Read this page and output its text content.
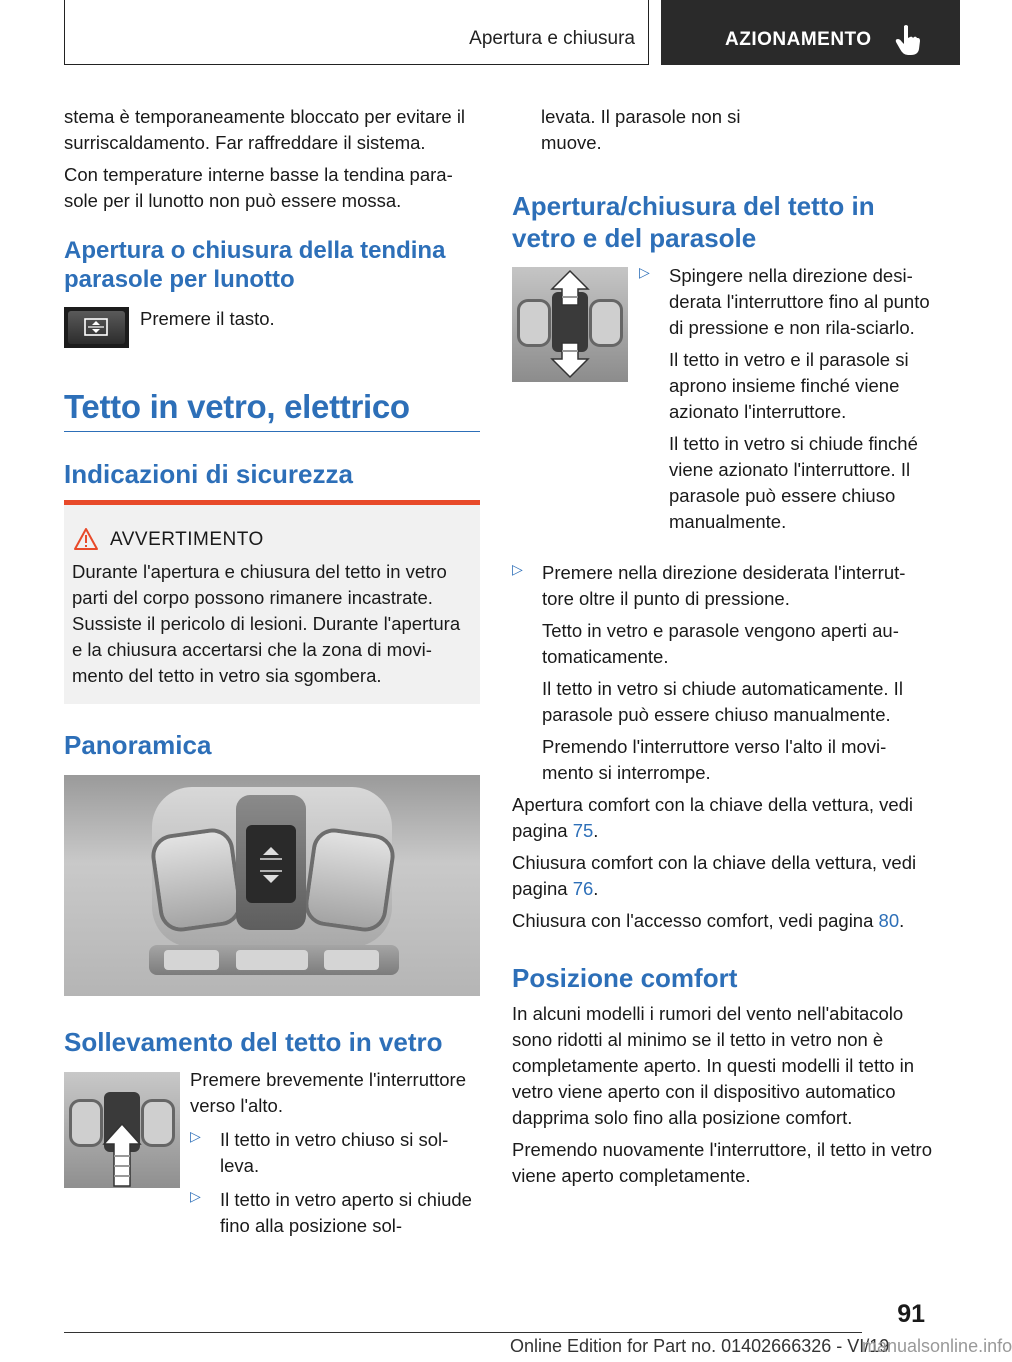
Apertura e chiusura	AZIONAMENTO

stema è temporaneamente bloccato per evitare il surriscaldamento. Far raffreddare il sistema.

Con temperature interne basse la tendina para-sole per il lunotto non può essere mossa.

Apertura o chiusura della tendina parasole per lunotto

Premere il tasto.

Tetto in vetro, elettrico
Indicazioni di sicurezza
AVVERTIMENTO

Durante l'apertura e chiusura del tetto in vetro parti del corpo possono rimanere incastrate. Sussiste il pericolo di lesioni. Durante l'apertura e la chiusura accertarsi che la zona di movi-mento del tetto in vetro sia sgombera.

Panoramica
Sollevamento del tetto in vetro

Premere brevemente l'interruttore verso l'alto.

▷ Il tetto in vetro chiuso si sol-leva.

▷ Il tetto in vetro aperto si chiude fino alla posizione sol-

levata. Il parasole non si muove.

Apertura/chiusura del tetto in vetro e del parasole
▷ Spingere nella direzione desi-derata l'interruttore fino al punto di pressione e non rila-sciarlo.

Il tetto in vetro e il parasole si aprono insieme finché viene azionato l'interruttore.

Il tetto in vetro si chiude finché viene azionato l'interruttore. Il parasole può essere chiuso manualmente.

▷ Premere nella direzione desiderata l'interrut-tore oltre il punto di pressione.

Tetto in vetro e parasole vengono aperti au-tomaticamente.

Il tetto in vetro si chiude automaticamente. Il parasole può essere chiuso manualmente.

Premendo l'interruttore verso l'alto il movi-mento si interrompe.

Apertura comfort con la chiave della vettura, vedi pagina 75.

Chiusura comfort con la chiave della vettura, vedi pagina 76.

Chiusura con l'accesso comfort, vedi pagina 80.

Posizione comfort

In alcuni modelli i rumori del vento nell'abitacolo sono ridotti al minimo se il tetto in vetro non è completamente aperto. In questi modelli il tetto in vetro viene aperto con il dispositivo automatico dapprima solo fino alla posizione comfort.

Premendo nuovamente l'interruttore, il tetto in vetro viene aperto completamente.

91
Online Edition for Part no. 01402666326 - VI/19
manualsonline.info
